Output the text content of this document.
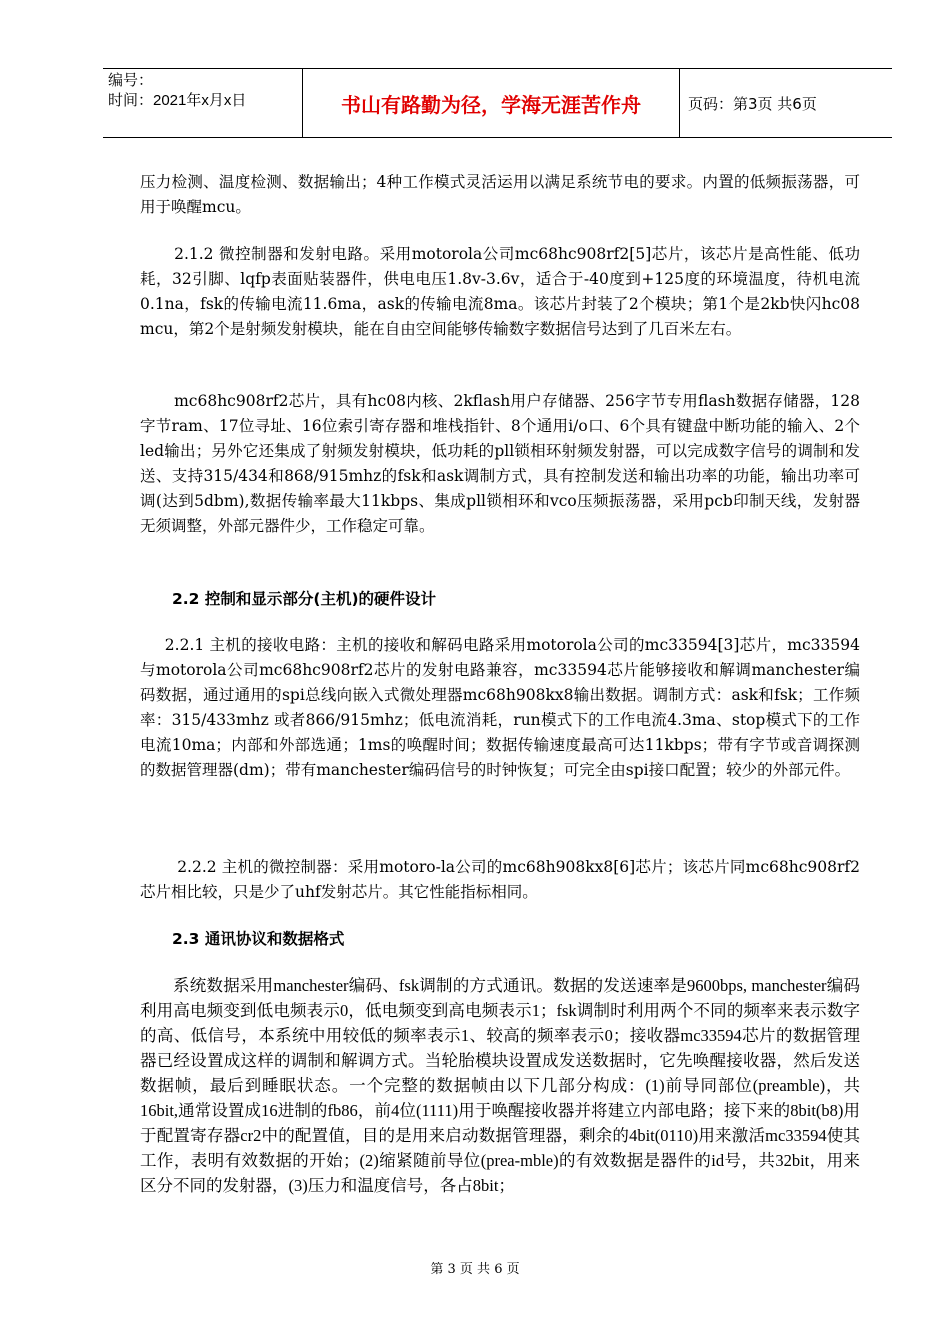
编号：
时间：2021年x月x日	书山有路勤为径，学海无涯苦作舟	页码：第3页 共6页

压力检测、温度检测、数据输出；4种工作模式灵活运用以满足系统节电的要求。内置的低频振荡器，可用于唤醒mcu。

2.1.2 微控制器和发射电路。采用motorola公司mc68hc908rf2[5]芯片，该芯片是高性能、低功耗，32引脚、lqfp表面贴装器件，供电电压1.8v-3.6v，适合于-40度到+125度的环境温度，待机电流0.1na，fsk的传输电流11.6ma，ask的传输电流8ma。该芯片封装了2个模块；第1个是2kb快闪hc08 mcu，第2个是射频发射模块，能在自由空间能够传输数字数据信号达到了几百米左右。

mc68hc908rf2芯片，具有hc08内核、2kflash用户存储器、256字节专用flash数据存储器，128字节ram、17位寻址、16位索引寄存器和堆栈指针、8个通用i/o口、6个具有键盘中断功能的输入、2个led输出；另外它还集成了射频发射模块，低功耗的pll锁相环射频发射器，可以完成数字信号的调制和发送、支持315/434和868/915mhz的fsk和ask调制方式，具有控制发送和输出功率的功能，输出功率可调(达到5dbm),数据传输率最大11kbps、集成pll锁相环和vco压频振荡器，采用pcb印制天线，发射器无须调整，外部元器件少，工作稳定可靠。

2.2 控制和显示部分(主机)的硬件设计

2.2.1 主机的接收电路：主机的接收和解码电路采用motorola公司的mc33594[3]芯片，mc33594与motorola公司mc68hc908rf2芯片的发射电路兼容，mc33594芯片能够接收和解调manchester编码数据，通过通用的spi总线向嵌入式微处理器mc68h908kx8输出数据。调制方式：ask和fsk；工作频率：315/433mhz 或者866/915mhz；低电流消耗，run模式下的工作电流4.3ma、stop模式下的工作电流10ma；内部和外部选通；1ms的唤醒时间；数据传输速度最高可达11kbps；带有字节或音调探测的数据管理器(dm)；带有manchester编码信号的时钟恢复；可完全由spi接口配置；较少的外部元件。

2.2.2 主机的微控制器：采用motoro-la公司的mc68h908kx8[6]芯片；该芯片同mc68hc908rf2芯片相比较，只是少了uhf发射芯片。其它性能指标相同。

2.3 通讯协议和数据格式

系统数据采用manchester编码、fsk调制的方式通讯。数据的发送速率是9600bps, manchester编码利用高电频变到低电频表示0，低电频变到高电频表示1；fsk调制时利用两个不同的频率来表示数字的高、低信号，本系统中用较低的频率表示1、较高的频率表示0；接收器mc33594芯片的数据管理器已经设置成这样的调制和解调方式。当轮胎模块设置成发送数据时，它先唤醒接收器，然后发送数据帧，最后到睡眠状态。一个完整的数据帧由以下几部分构成：(1)前导同部位(preamble)，共16bit,通常设置成16进制的fb86，前4位(1111)用于唤醒接收器并将建立内部电路；接下来的8bit(b8)用于配置寄存器cr2中的配置值，目的是用来启动数据管理器，剩余的4bit(0110)用来激活mc33594使其工作，表明有效数据的开始；(2)缩紧随前导位(prea-mble)的有效数据是器件的id号，共32bit，用来区分不同的发射器，(3)压力和温度信号，各占8bit；

第 3 页 共 6 页
